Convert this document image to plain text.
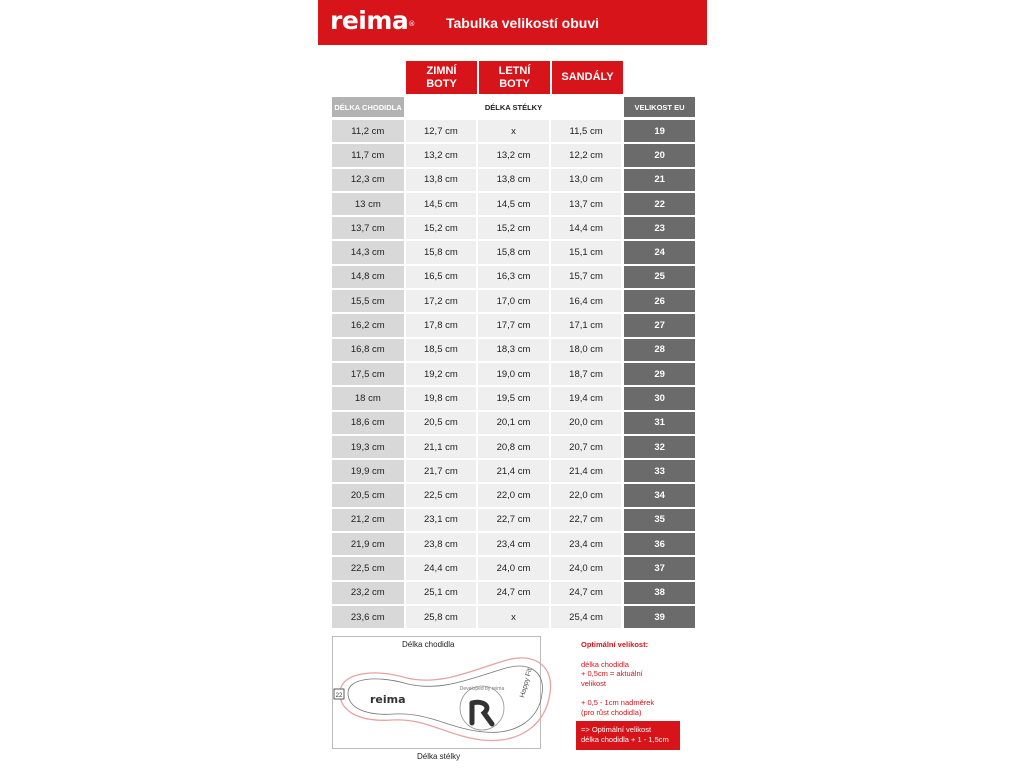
reima® Tabulka velikostí obuvi
ZIMNÍ
BOTY
LETNÍ
BOTY
SANDÁLY
DÉLKA CHODIDLA	DÉLKA STÉLKY	VELIKOST EU
11,2 cm	12,7 cm	x	11,5 cm	19
11,7 cm	13,2 cm	13,2 cm	12,2 cm	20
12,3 cm	13,8 cm	13,8 cm	13,0 cm	21
13 cm	14,5 cm	14,5 cm	13,7 cm	22
13,7 cm	15,2 cm	15,2 cm	14,4 cm	23
14,3 cm	15,8 cm	15,8 cm	15,1 cm	24
14,8 cm	16,5 cm	16,3 cm	15,7 cm	25
15,5 cm	17,2 cm	17,0 cm	16,4 cm	26
16,2 cm	17,8 cm	17,7 cm	17,1 cm	27
16,8 cm	18,5 cm	18,3 cm	18,0 cm	28
17,5 cm	19,2 cm	19,0 cm	18,7 cm	29
18 cm	19,8 cm	19,5 cm	19,4 cm	30
18,6 cm	20,5 cm	20,1 cm	20,0 cm	31
19,3 cm	21,1 cm	20,8 cm	20,7 cm	32
19,9 cm	21,7 cm	21,4 cm	21,4 cm	33
20,5 cm	22,5 cm	22,0 cm	22,0 cm	34
21,2 cm	23,1 cm	22,7 cm	22,7 cm	35
21,9 cm	23,8 cm	23,4 cm	23,4 cm	36
22,5 cm	24,4 cm	24,0 cm	24,0 cm	37
23,2 cm	25,1 cm	24,7 cm	24,7 cm	38
23,6 cm	25,8 cm	x	25,4 cm	39
Délka chodidla
22	reima
Developed by reima Happy Fit
Délka stélky
Optimální velikost:
délka chodidla
+ 0,5cm = aktuální
velikost
+ 0,5 - 1cm nadměrek
(pro růst chodidla)
=> Optimální velikost
délka chodidla + 1 - 1,5cm
